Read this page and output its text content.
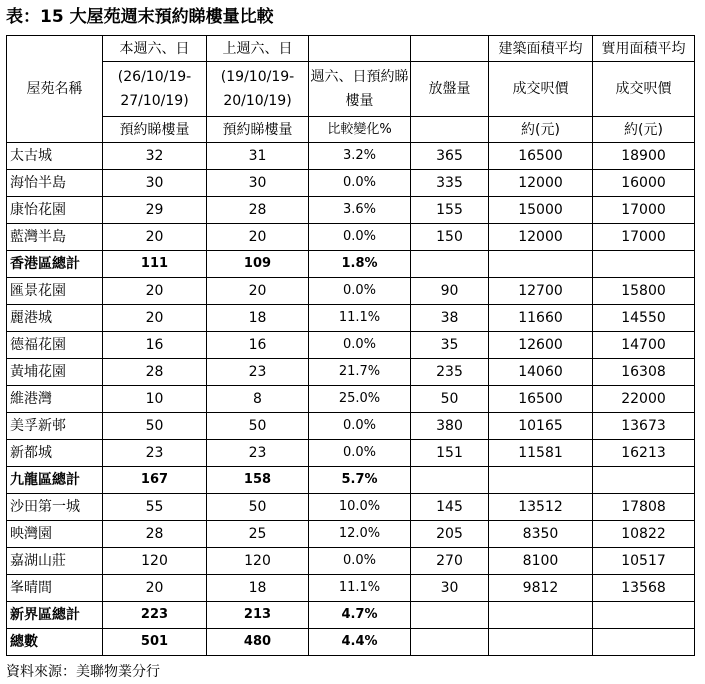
表：15 大屋苑週末預約睇樓量比較
屋苑名稱	本週六、日	上週六、日			建築面積平均	實用面積平均
	(26/10/19-27/10/19)	(19/10/19-20/10/19)	週六、日預約睇樓量	放盤量	成交呎價	成交呎價
	預約睇樓量	預約睇樓量	比較變化%		約(元)	約(元)
太古城	32	31	3.2%	365	16500	18900
海怡半島	30	30	0.0%	335	12000	16000
康怡花園	29	28	3.6%	155	15000	17000
藍灣半島	20	20	0.0%	150	12000	17000
香港區總計	111	109	1.8%			
匯景花園	20	20	0.0%	90	12700	15800
麗港城	20	18	11.1%	38	11660	14550
德福花園	16	16	0.0%	35	12600	14700
黃埔花園	28	23	21.7%	235	14060	16308
維港灣	10	8	25.0%	50	16500	22000
美孚新邨	50	50	0.0%	380	10165	13673
新都城	23	23	0.0%	151	11581	16213
九龍區總計	167	158	5.7%			
沙田第一城	55	50	10.0%	145	13512	17808
映灣園	28	25	12.0%	205	8350	10822
嘉湖山莊	120	120	0.0%	270	8100	10517
峯晴間	20	18	11.1%	30	9812	13568
新界區總計	223	213	4.7%			
總數	501	480	4.4%			
資料來源：美聯物業分行
